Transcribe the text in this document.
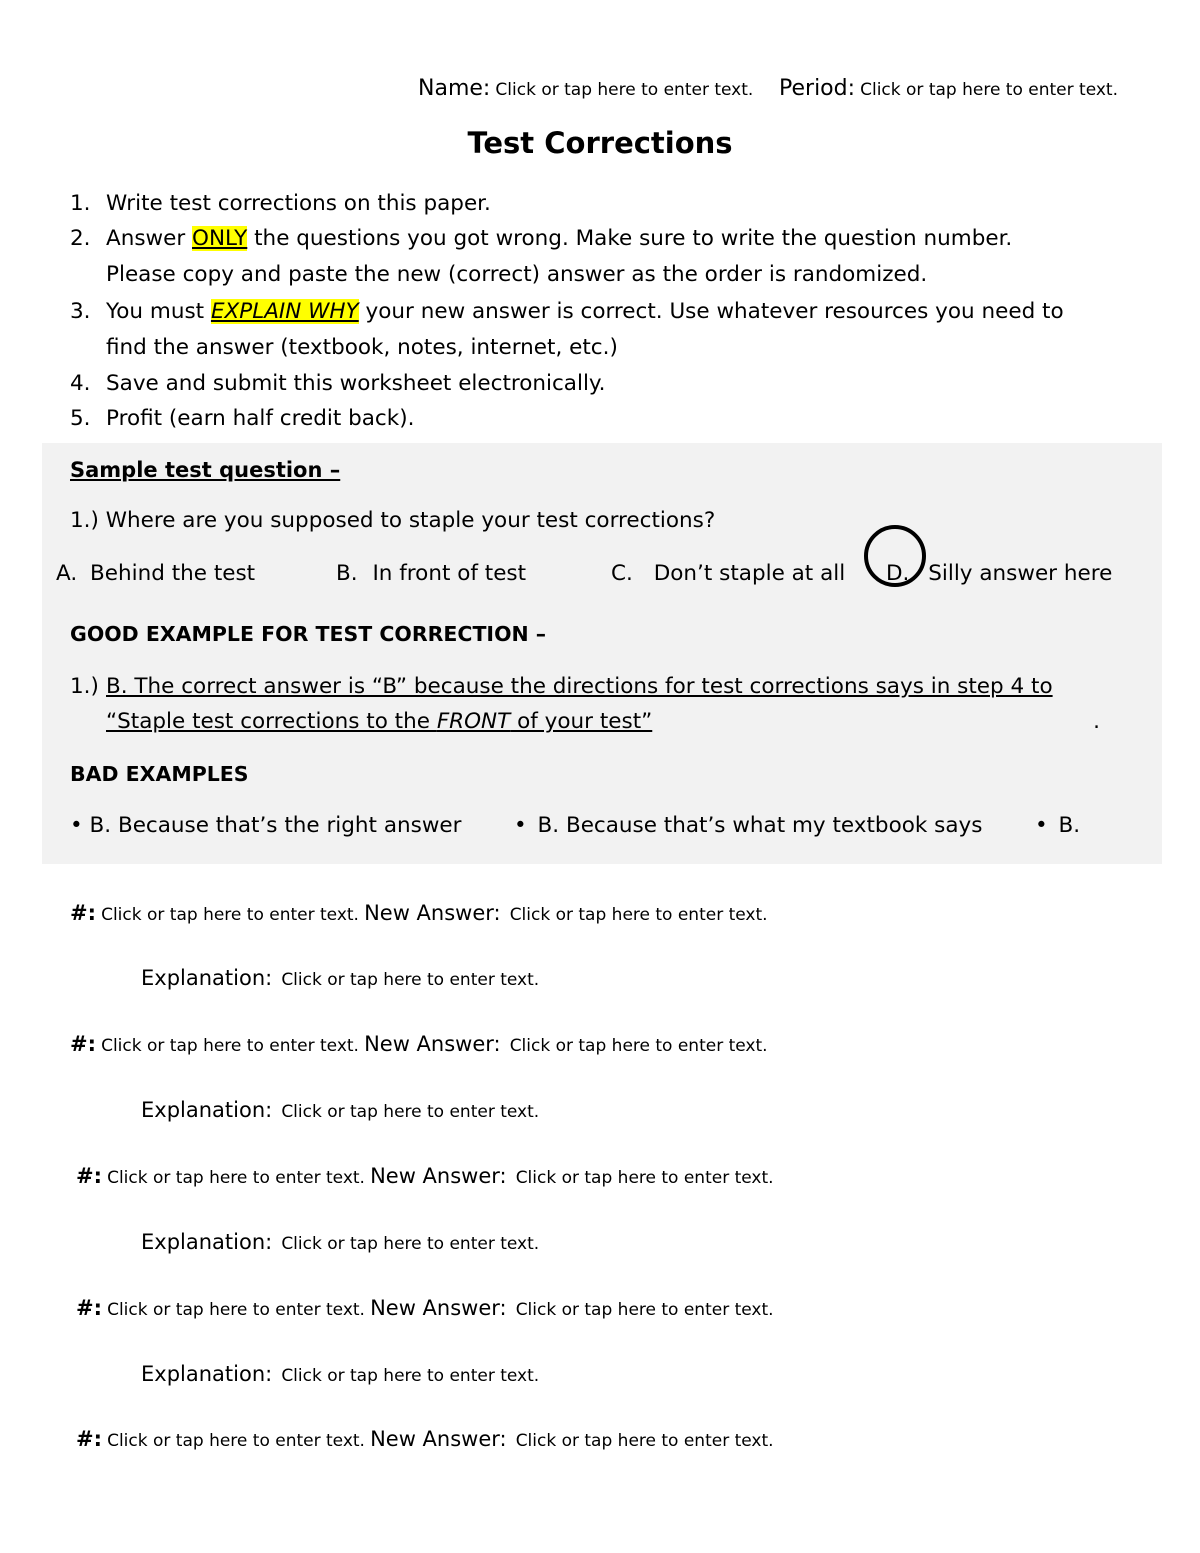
Name: Click or tap here to enter text. Period: Click or tap here to enter text.
Test Corrections
1. Write test corrections on this paper.
2. Answer ONLY the questions you got wrong. Make sure to write the question number.
Please copy and paste the new (correct) answer as the order is randomized.
3. You must EXPLAIN WHY your new answer is correct. Use whatever resources you need to
find the answer (textbook, notes, internet, etc.)
4. Save and submit this worksheet electronically.
5. Profit (earn half credit back).
Sample test question –
1.) Where are you supposed to staple your test corrections?
A. Behind the test	B. In front of test	C. Don’t staple at all D. Silly answer here
GOOD EXAMPLE FOR TEST CORRECTION –
1.) B. The correct answer is “B” because the directions for test corrections says in step 4 to
“Staple test corrections to the FRONT of your test”	.
BAD EXAMPLES
• B. Because that’s the right answer • B. Because that’s what my textbook says • B.
#: Click or tap here to enter text. New Answer: Click or tap here to enter text.
Explanation: Click or tap here to enter text.
#: Click or tap here to enter text. New Answer: Click or tap here to enter text.
Explanation: Click or tap here to enter text.
#: Click or tap here to enter text. New Answer: Click or tap here to enter text.
Explanation: Click or tap here to enter text.
#: Click or tap here to enter text. New Answer: Click or tap here to enter text.
Explanation: Click or tap here to enter text.
#: Click or tap here to enter text. New Answer: Click or tap here to enter text.
